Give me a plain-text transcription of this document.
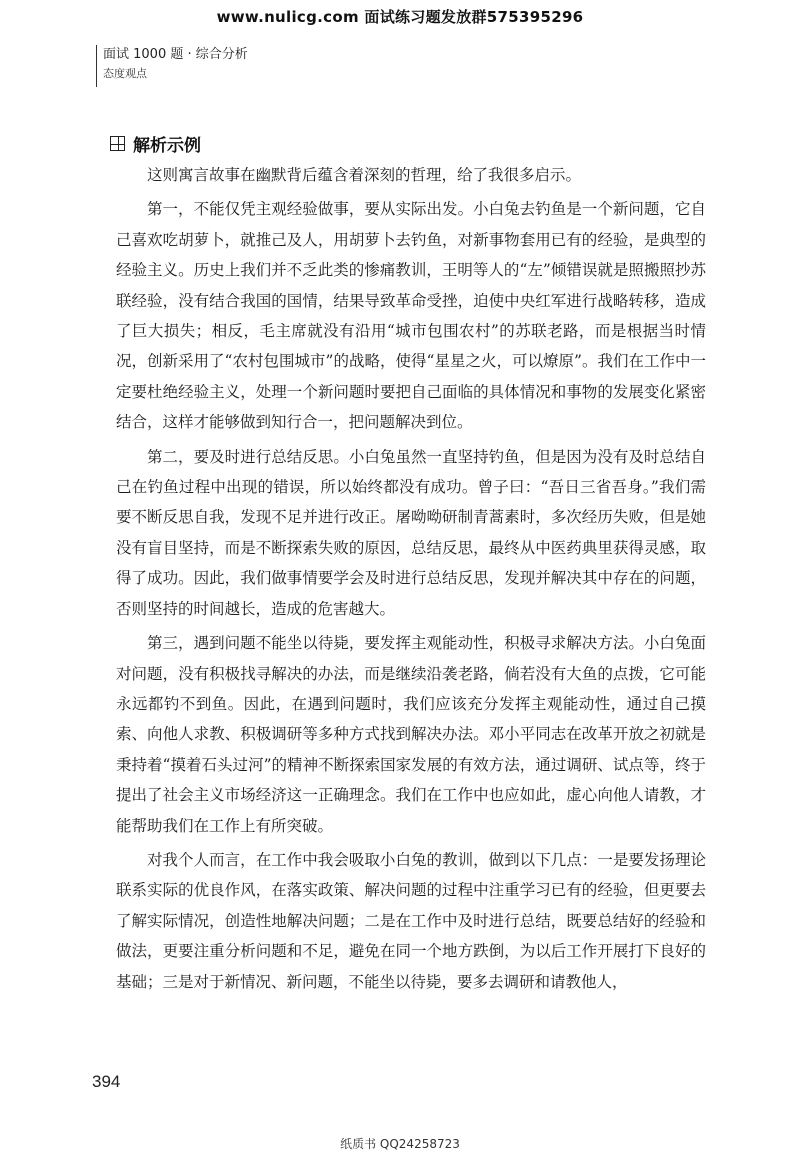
www.nulicg.com 面试练习题发放群575395296
面试 1000 题 · 综合分析
态度观点
解析示例

这则寓言故事在幽默背后蕴含着深刻的哲理，给了我很多启示。

第一，不能仅凭主观经验做事，要从实际出发。小白兔去钓鱼是一个新问题，它自己喜欢吃胡萝卜，就推己及人，用胡萝卜去钓鱼，对新事物套用已有的经验，是典型的经验主义。历史上我们并不乏此类的惨痛教训，王明等人的“左”倾错误就是照搬照抄苏联经验，没有结合我国的国情，结果导致革命受挫，迫使中央红军进行战略转移，造成了巨大损失；相反，毛主席就没有沿用“城市包围农村”的苏联老路，而是根据当时情况，创新采用了“农村包围城市”的战略，使得“星星之火，可以燎原”。我们在工作中一定要杜绝经验主义，处理一个新问题时要把自己面临的具体情况和事物的发展变化紧密结合，这样才能够做到知行合一，把问题解决到位。

第二，要及时进行总结反思。小白兔虽然一直坚持钓鱼，但是因为没有及时总结自己在钓鱼过程中出现的错误，所以始终都没有成功。曾子曰：“吾日三省吾身。”我们需要不断反思自我，发现不足并进行改正。屠呦呦研制青蒿素时，多次经历失败，但是她没有盲目坚持，而是不断探索失败的原因，总结反思，最终从中医药典里获得灵感，取得了成功。因此，我们做事情要学会及时进行总结反思，发现并解决其中存在的问题，否则坚持的时间越长，造成的危害越大。

第三，遇到问题不能坐以待毙，要发挥主观能动性，积极寻求解决方法。小白兔面对问题，没有积极找寻解决的办法，而是继续沿袭老路，倘若没有大鱼的点拨，它可能永远都钓不到鱼。因此，在遇到问题时，我们应该充分发挥主观能动性，通过自己摸索、向他人求教、积极调研等多种方式找到解决办法。邓小平同志在改革开放之初就是秉持着“摸着石头过河”的精神不断探索国家发展的有效方法，通过调研、试点等，终于提出了社会主义市场经济这一正确理念。我们在工作中也应如此，虚心向他人请教，才能帮助我们在工作上有所突破。

对我个人而言，在工作中我会吸取小白兔的教训，做到以下几点：一是要发扬理论联系实际的优良作风，在落实政策、解决问题的过程中注重学习已有的经验，但更要去了解实际情况，创造性地解决问题；二是在工作中及时进行总结，既要总结好的经验和做法，更要注重分析问题和不足，避免在同一个地方跌倒，为以后工作开展打下良好的基础；三是对于新情况、新问题，不能坐以待毙，要多去调研和请教他人，

394
纸质书 QQ24258723
